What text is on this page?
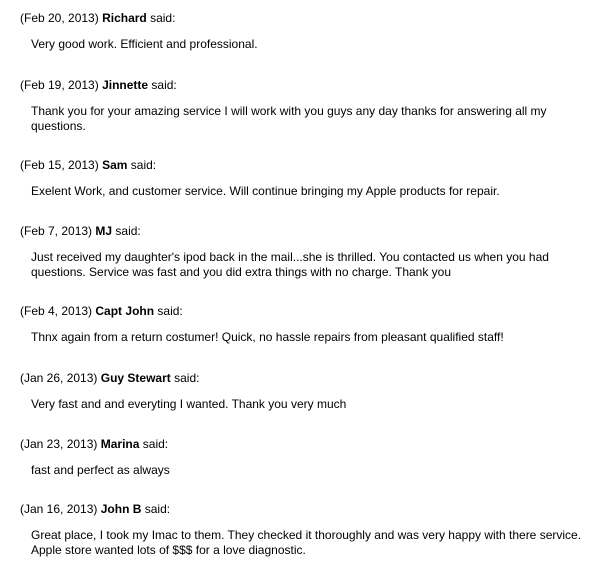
(Feb 20, 2013) Richard said:
Very good work. Efficient and professional.
(Feb 19, 2013) Jinnette said:
Thank you for your amazing service I will work with you guys any day thanks for answering all my questions.
(Feb 15, 2013) Sam said:
Exelent Work, and customer service. Will continue bringing my Apple products for repair.
(Feb 7, 2013) MJ said:
Just received my daughter's ipod back in the mail...she is thrilled. You contacted us when you had questions. Service was fast and you did extra things with no charge. Thank you
(Feb 4, 2013) Capt John said:
Thnx again from a return costumer! Quick, no hassle repairs from pleasant qualified staff!
(Jan 26, 2013) Guy Stewart said:
Very fast and and everyting I wanted. Thank you very much
(Jan 23, 2013) Marina said:
fast and perfect as always
(Jan 16, 2013) John B said:
Great place, I took my Imac to them. They checked it thoroughly and was very happy with there service. Apple store wanted lots of $$$ for a love diagnostic.
